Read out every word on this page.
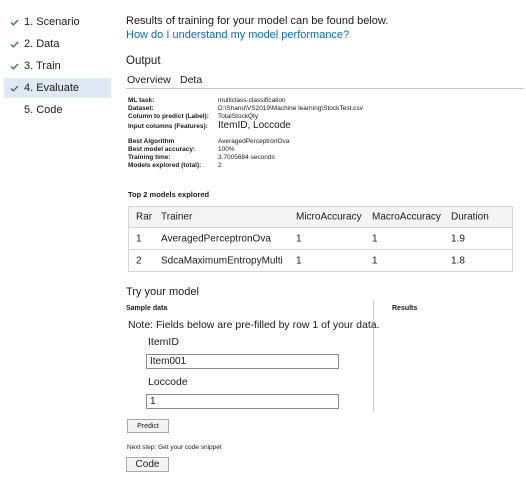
1. Scenario
2. Data
3. Train
4. Evaluate
5. Code
Results of training for your model can be found below.
How do I understand my model performance?
Output
Overview Deta
ML task:	multiclass-classification
Dataset:	D:\Shanu\VS2019\Machine learning\StockTest.csv
Column to predict (Label): TotalStockQty
Input columns (Features): ItemID, Loccode
Best Algorithm	AveragedPerceptronOva
Best model accuracy:	100%
Training time:	3.7005684 seconds
Models explored (total):	2
Top 2 models explored
Rar Trainer	MicroAccuracy MacroAccuracy Duration
1 AveragedPerceptronOva	1	1	1.9
2 SdcaMaximumEntropyMulti 1	1	1.8
Try your model
Sample data	Results
Note: Fields below are pre-filled by row 1 of your data.
ItemID
Item001
Loccode
1
Predict
Next step: Get your code snippet
Code
